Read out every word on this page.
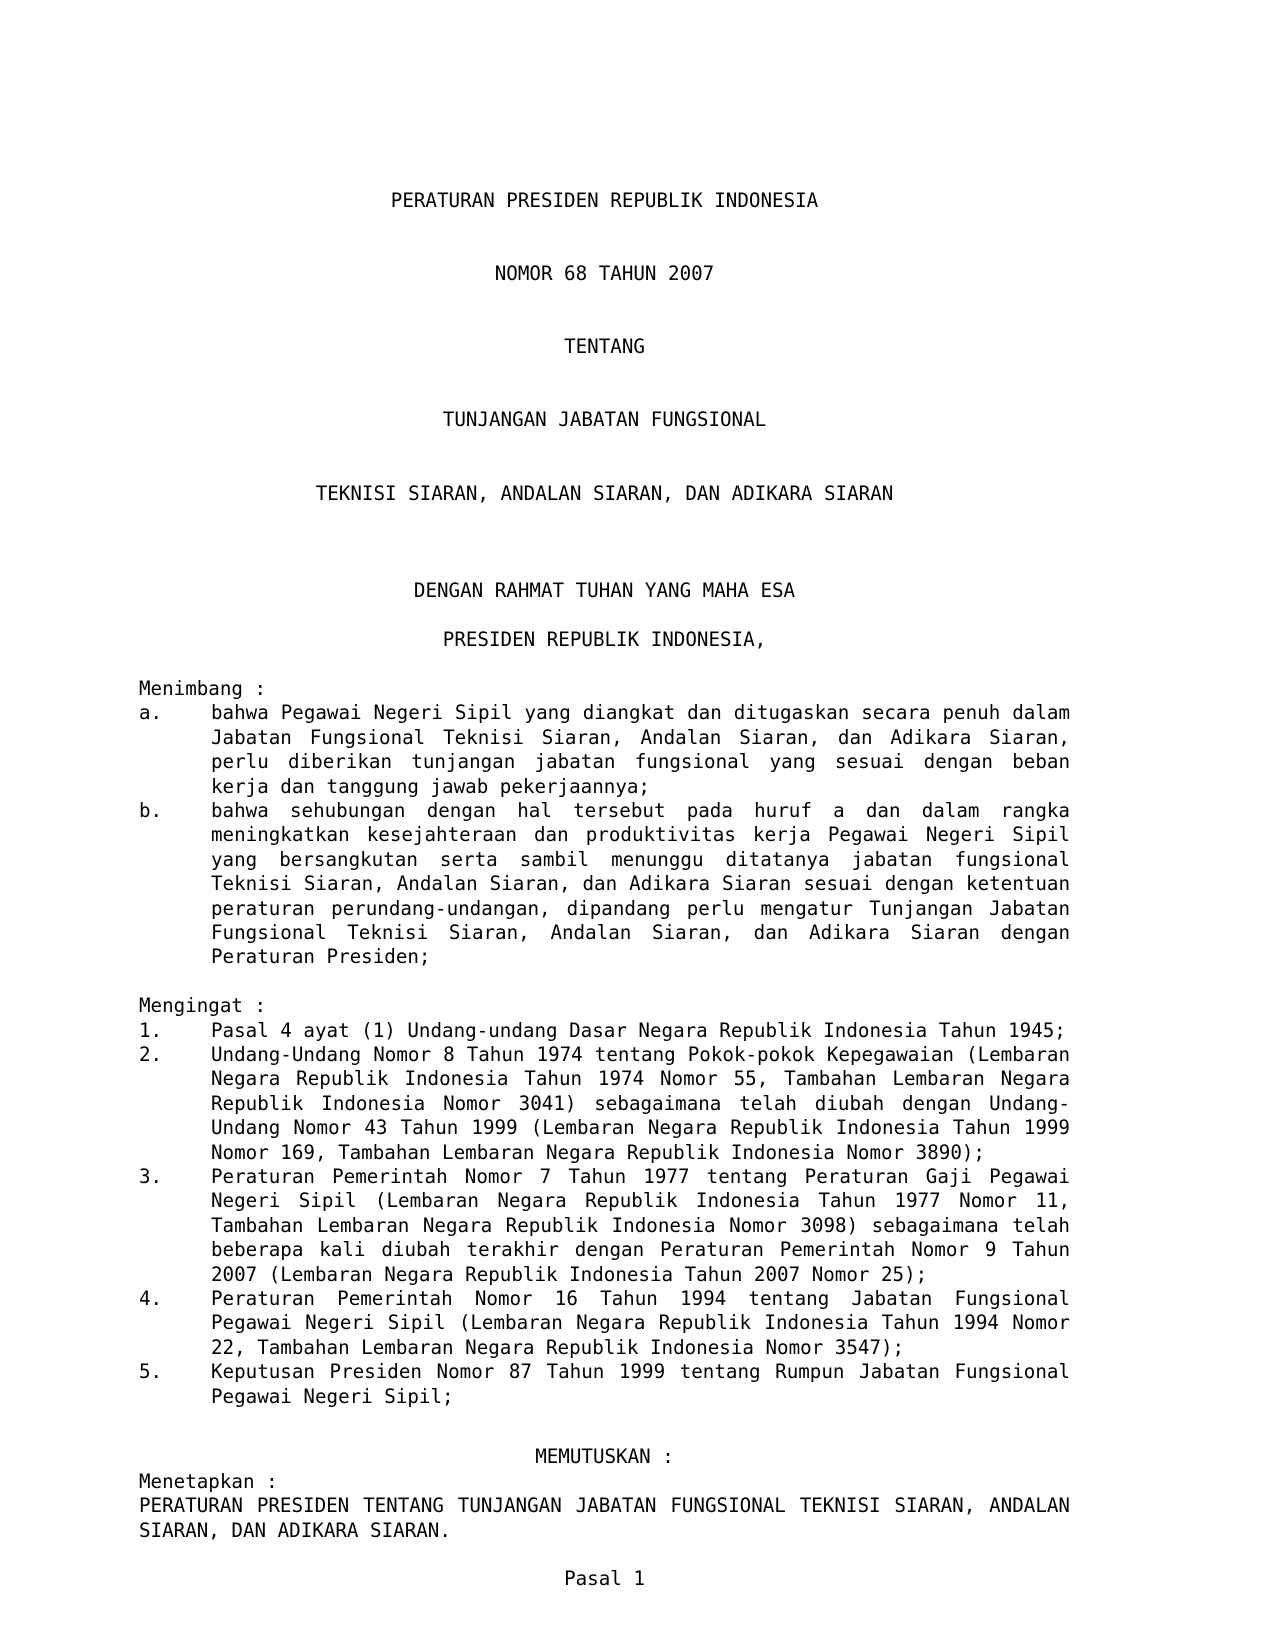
PERATURAN PRESIDEN REPUBLIK INDONESIA

NOMOR 68 TAHUN 2007

TENTANG

TUNJANGAN JABATAN FUNGSIONAL

TEKNISI SIARAN, ANDALAN SIARAN, DAN ADIKARA SIARAN

DENGAN RAHMAT TUHAN YANG MAHA ESA
PRESIDEN REPUBLIK INDONESIA,
Menimbang :
a.	bahwa Pegawai Negeri Sipil yang diangkat dan ditugaskan secara penuh dalam Jabatan Fungsional Teknisi Siaran, Andalan Siaran, dan Adikara Siaran, perlu diberikan tunjangan jabatan fungsional yang sesuai dengan beban kerja dan tanggung jawab pekerjaannya;
b.	bahwa sehubungan dengan hal tersebut pada huruf a dan dalam rangka meningkatkan kesejahteraan dan produktivitas kerja Pegawai Negeri Sipil yang bersangkutan serta sambil menunggu ditatanya jabatan fungsional Teknisi Siaran, Andalan Siaran, dan Adikara Siaran sesuai dengan ketentuan peraturan perundang-undangan, dipandang perlu mengatur Tunjangan Jabatan Fungsional Teknisi Siaran, Andalan Siaran, dan Adikara Siaran dengan Peraturan Presiden;
Mengingat :
1.	Pasal 4 ayat (1) Undang-undang Dasar Negara Republik Indonesia Tahun 1945;
2.	Undang-Undang Nomor 8 Tahun 1974 tentang Pokok-pokok Kepegawaian (Lembaran Negara Republik Indonesia Tahun 1974 Nomor 55, Tambahan Lembaran Negara Republik Indonesia Nomor 3041) sebagaimana telah diubah dengan Undang-Undang Nomor 43 Tahun 1999 (Lembaran Negara Republik Indonesia Tahun 1999 Nomor 169, Tambahan Lembaran Negara Republik Indonesia Nomor 3890);
3.	Peraturan Pemerintah Nomor 7 Tahun 1977 tentang Peraturan Gaji Pegawai Negeri Sipil (Lembaran Negara Republik Indonesia Tahun 1977 Nomor 11, Tambahan Lembaran Negara Republik Indonesia Nomor 3098) sebagaimana telah beberapa kali diubah terakhir dengan Peraturan Pemerintah Nomor 9 Tahun 2007 (Lembaran Negara Republik Indonesia Tahun 2007 Nomor 25);
4.	Peraturan Pemerintah Nomor 16 Tahun 1994 tentang Jabatan Fungsional Pegawai Negeri Sipil (Lembaran Negara Republik Indonesia Tahun 1994 Nomor 22, Tambahan Lembaran Negara Republik Indonesia Nomor 3547);
5.	Keputusan Presiden Nomor 87 Tahun 1999 tentang Rumpun Jabatan Fungsional Pegawai Negeri Sipil;
MEMUTUSKAN :
Menetapkan :
PERATURAN PRESIDEN TENTANG TUNJANGAN JABATAN FUNGSIONAL TEKNISI SIARAN, ANDALAN SIARAN, DAN ADIKARA SIARAN.
Pasal 1
